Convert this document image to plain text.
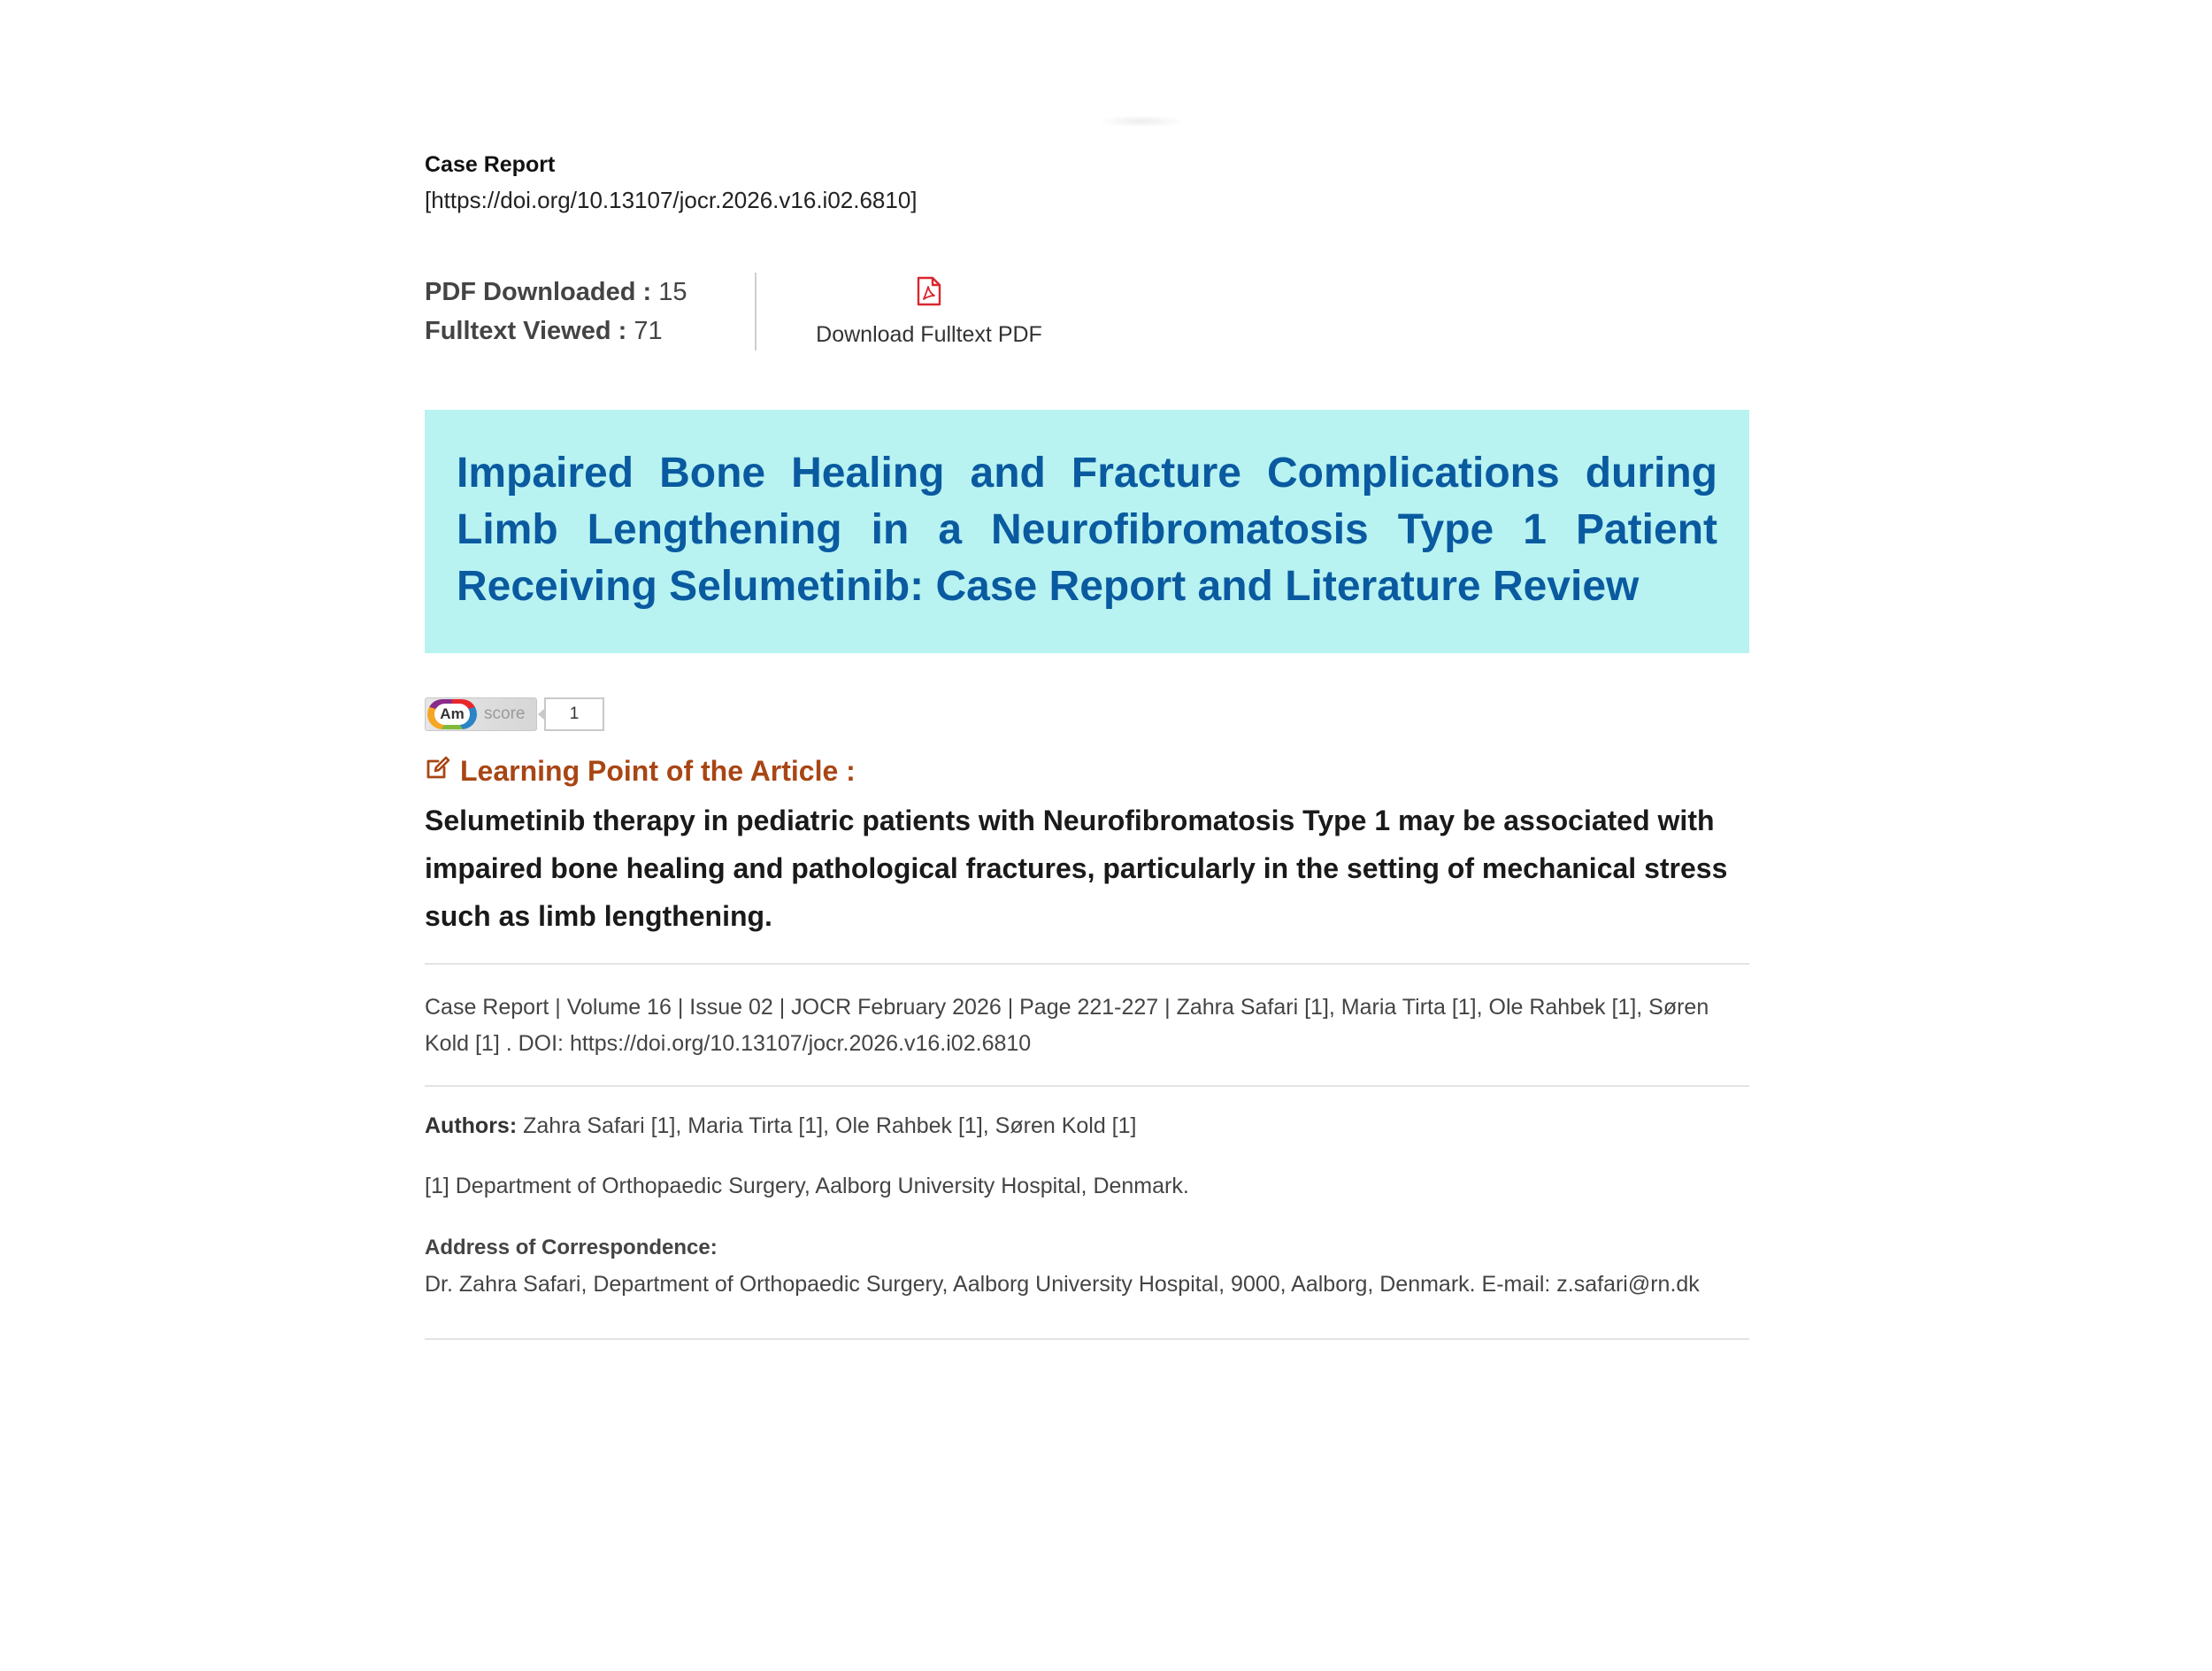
Case Report
[https://doi.org/10.13107/jocr.2026.v16.i02.6810]
PDF Downloaded : 15
Fulltext Viewed : 71	Download Fulltext PDF
Impaired Bone Healing and Fracture Complications during Limb Lengthening in a Neurofibromatosis Type 1 Patient Receiving Selumetinib: Case Report and Literature Review
Am	score	1
Learning Point of the Article :
Selumetinib therapy in pediatric patients with Neurofibromatosis Type 1 may be associated with impaired bone healing and pathological fractures, particularly in the setting of mechanical stress such as limb lengthening.
Case Report | Volume 16 | Issue 02 | JOCR February 2026 | Page 221-227 | Zahra Safari [1], Maria Tirta [1], Ole Rahbek [1], Søren Kold [1] . DOI: https://doi.org/10.13107/jocr.2026.v16.i02.6810
Authors: Zahra Safari [1], Maria Tirta [1], Ole Rahbek [1], Søren Kold [1]
[1] Department of Orthopaedic Surgery, Aalborg University Hospital, Denmark.
Address of Correspondence:
Dr. Zahra Safari, Department of Orthopaedic Surgery, Aalborg University Hospital, 9000, Aalborg, Denmark. E-mail: z.safari@rn.dk
